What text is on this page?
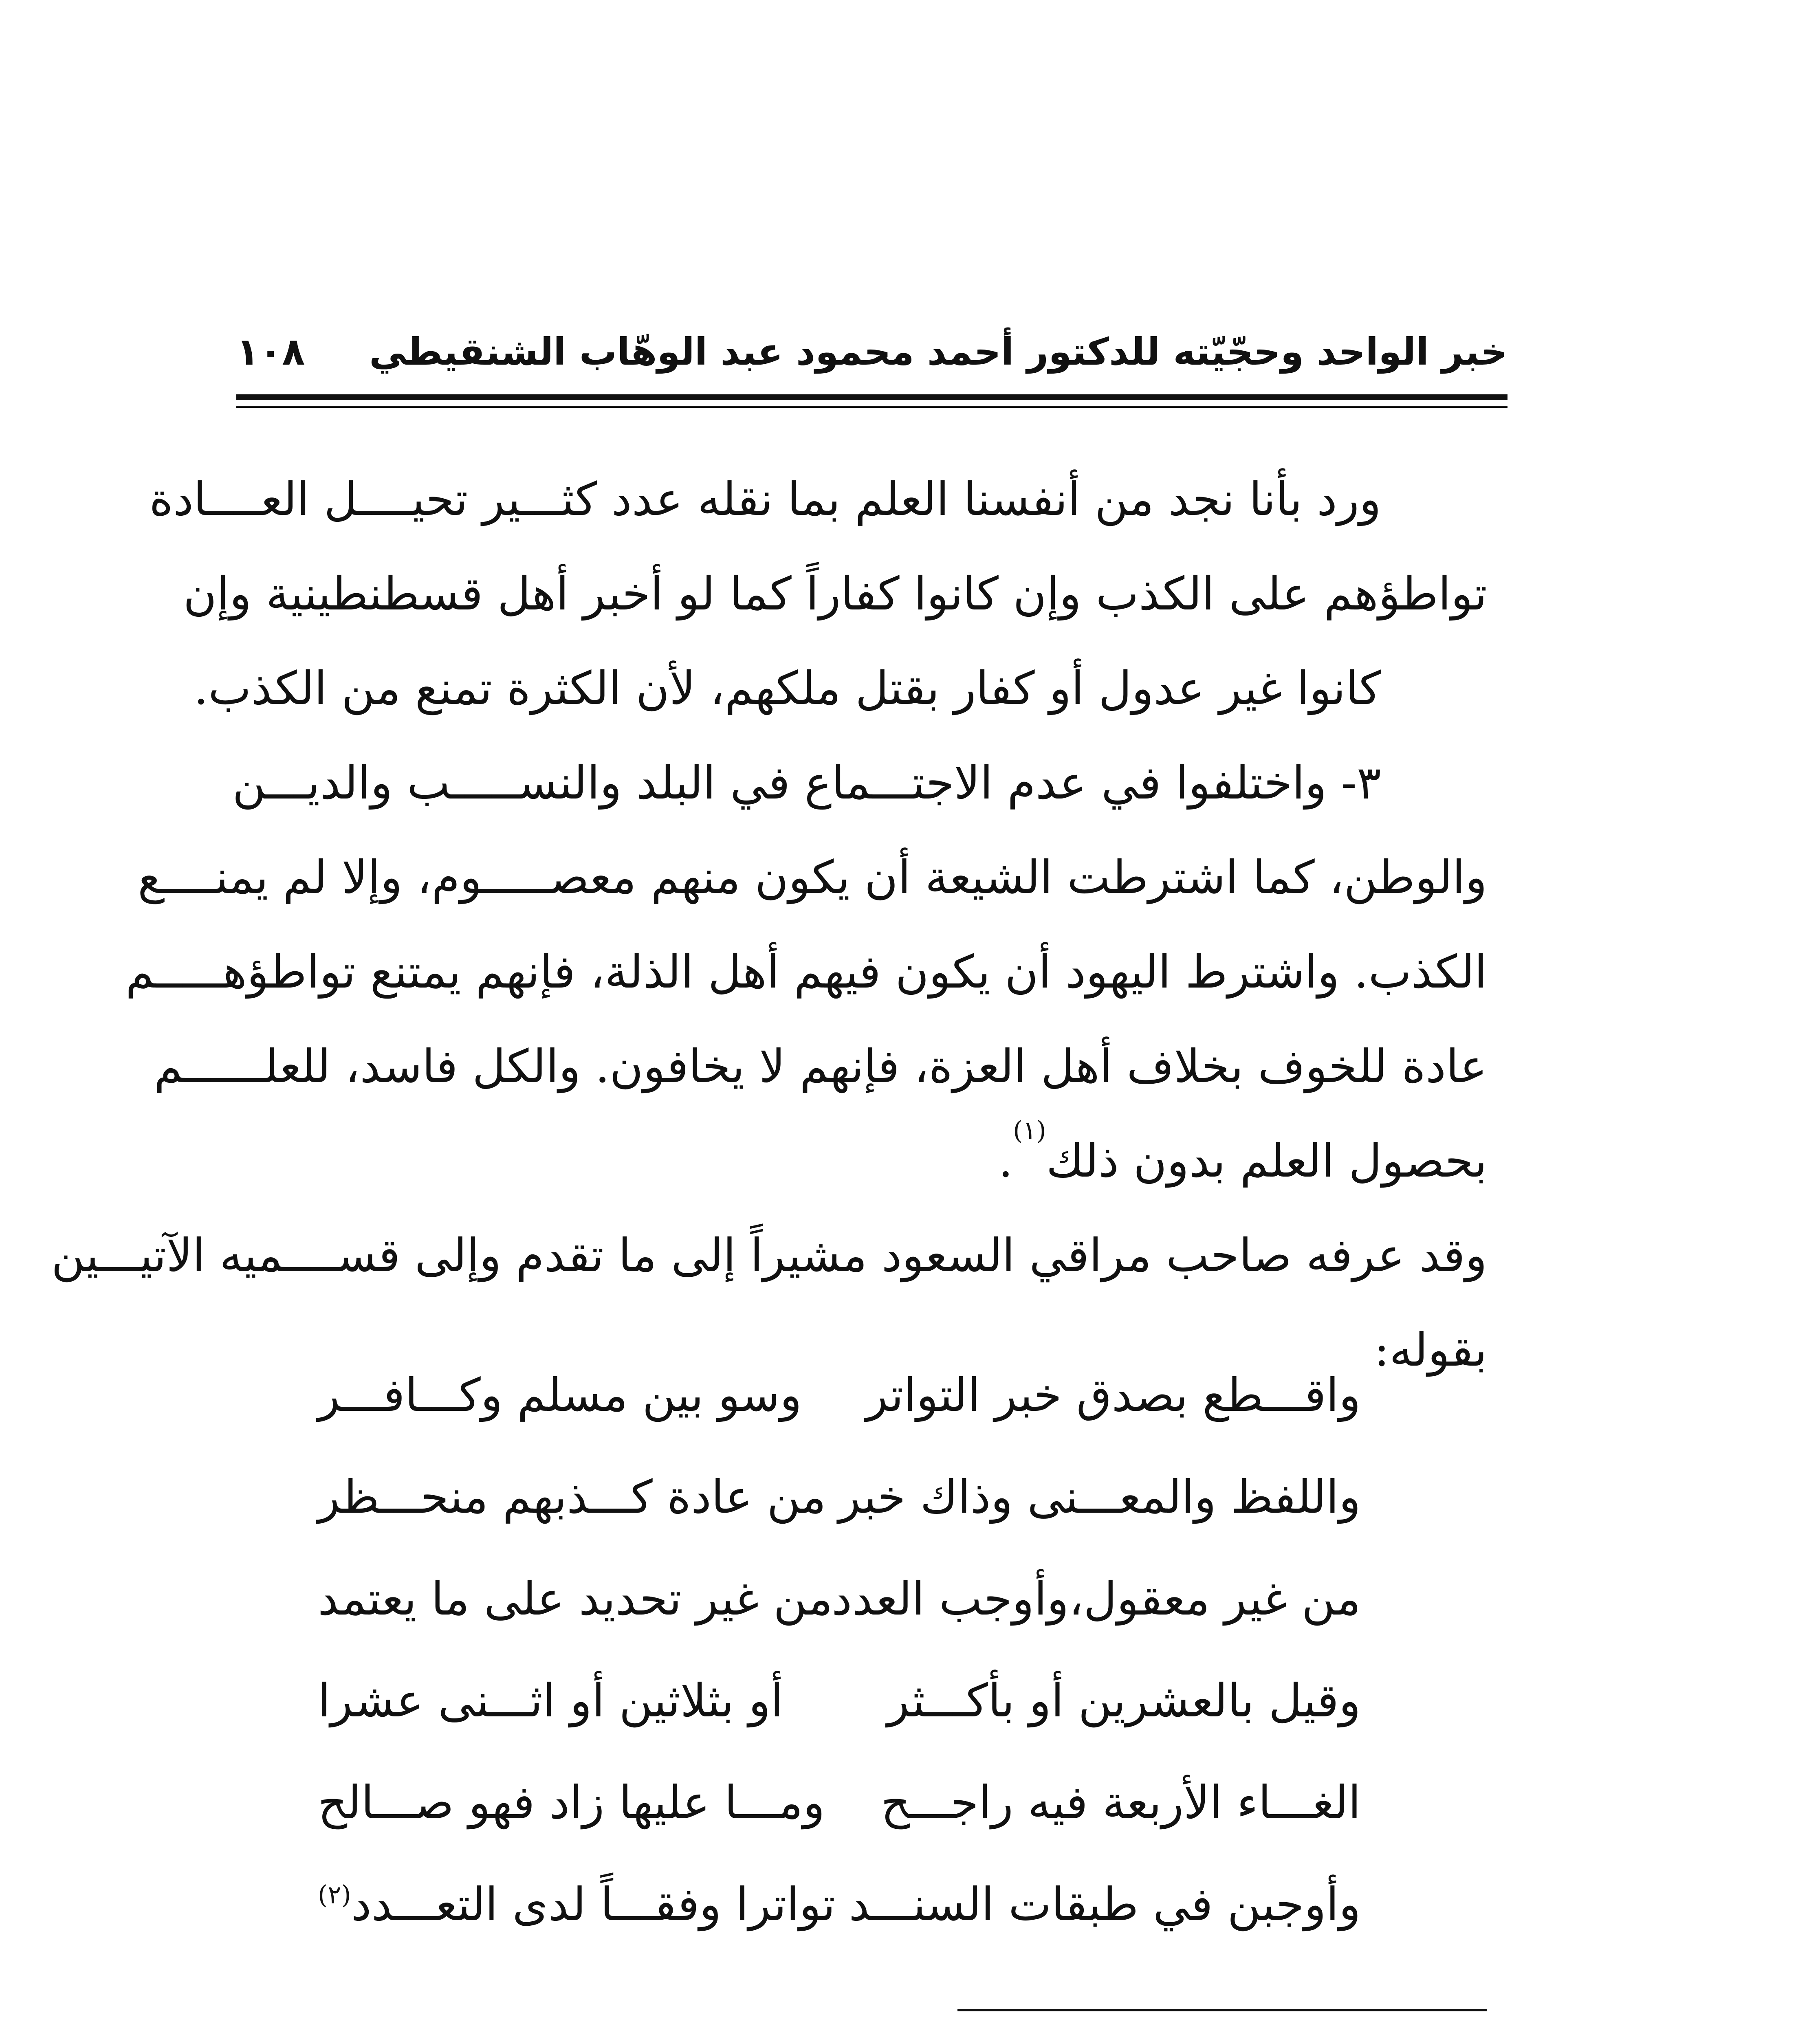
خبر الواحد وحجّيّته للدكتور أحمد محمود عبد الوهّاب الشنقيطي
١٠٨
ورد بأنا نجد من أنفسنا العلم بما نقله عدد كثـــير تحيــــل العــــادة
تواطؤهم على الكذب وإن كانوا كفاراً كما لو أخبر أهل قسطنطينية وإن
كانوا غير عدول أو كفار بقتل ملكهم، لأن الكثرة تمنع من الكذب.
٣- واختلفوا في عدم الاجتـــماع في البلد والنســـــب والديـــن
والوطن، كما اشترطت الشيعة أن يكون منهم معصـــــوم، وإلا لم يمنــــع
الكذب. واشترط اليهود أن يكون فيهم أهل الذلة، فإنهم يمتنع تواطؤهـــــم
عادة للخوف بخلاف أهل العزة، فإنهم لا يخافون. والكل فاسد، للعلــــــم
بحصول العلم بدون ذلك$^{(١)}$.
وقد عرفه صاحب مراقي السعود مشيراً إلى ما تقدم وإلى قســــميه الآتيـــين
بقوله:
واقـــطع بصدق خبر التواتر
وسو بين مسلم وكـــافـــر
واللفظ والمعـــنى وذاك خبر
من عادة كـــذبهم منحـــظر
من غير معقول،وأوجب العدد
من غير تحديد على ما يعتمد
وقيل بالعشرين أو بأكـــثر
أو بثلاثين أو اثـــنى عشرا
الغـــاء الأربعة فيه راجـــح
ومـــا عليها زاد فهو صـــالح
وأوجبن في طبقات السنـــد
تواترا وفقـــاً لدى التعـــدد$^{(٢)}$
